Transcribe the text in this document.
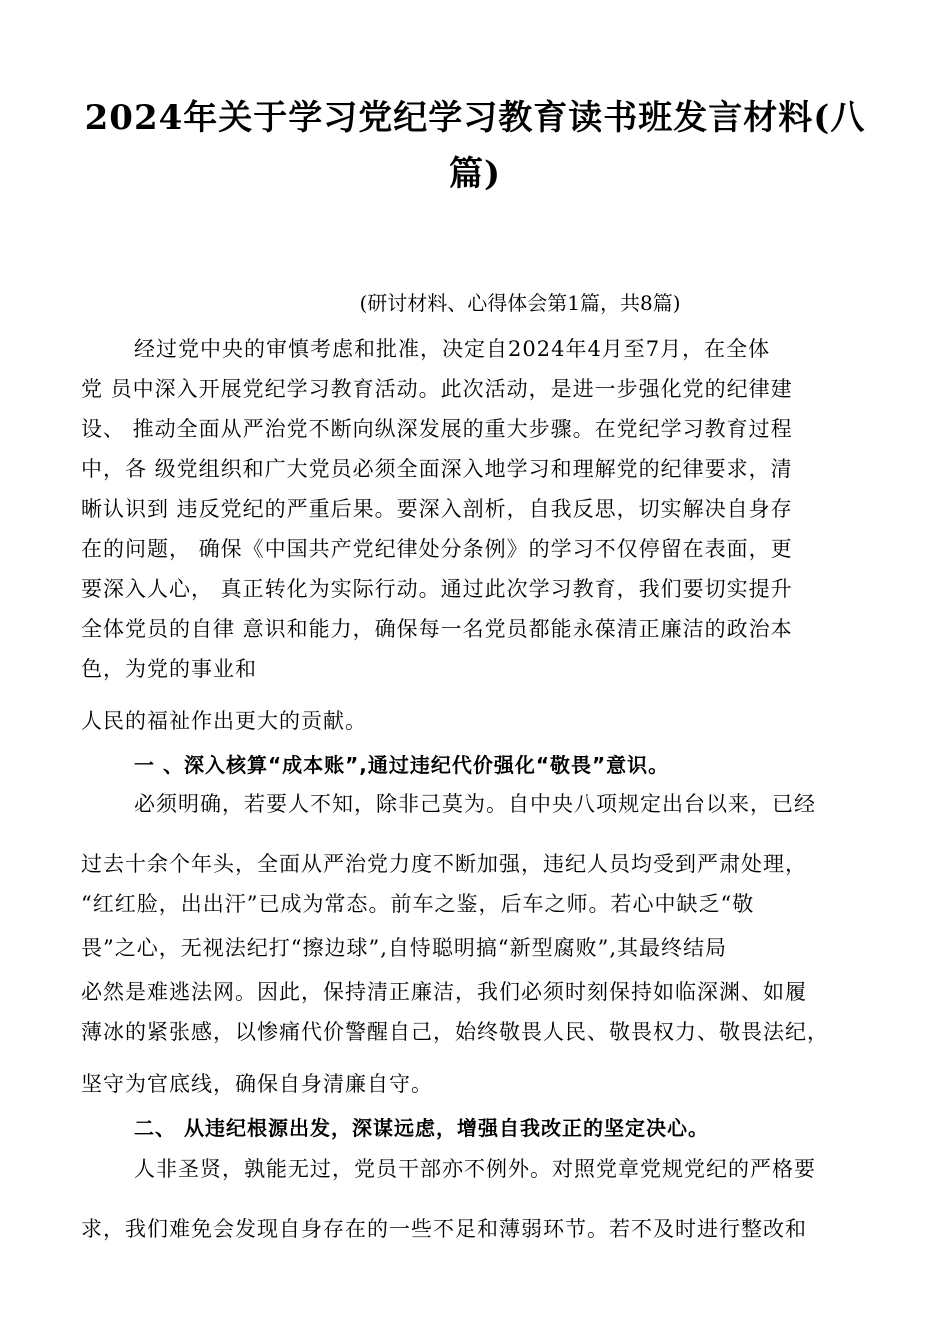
2024年关于学习党纪学习教育读书班发言材料(八
篇)
(研讨材料、心得体会第1篇，共8篇)
经过党中央的审慎考虑和批准，决定自2024年4月至7月，在全体
党 员中深入开展党纪学习教育活动。此次活动，是进一步强化党的纪律建
设、 推动全面从严治党不断向纵深发展的重大步骤。在党纪学习教育过程
中，各 级党组织和广大党员必须全面深入地学习和理解党的纪律要求，清
晰认识到 违反党纪的严重后果。要深入剖析，自我反思，切实解决自身存
在的问题， 确保《中国共产党纪律处分条例》的学习不仅停留在表面，更
要深入人心， 真正转化为实际行动。通过此次学习教育，我们要切实提升
全体党员的自律 意识和能力，确保每一名党员都能永葆清正廉洁的政治本
色，为党的事业和
人民的福祉作出更大的贡献。
一 、深入核算“成本账”,通过违纪代价强化“敬畏”意识。
必须明确，若要人不知，除非己莫为。自中央八项规定出台以来，已经
过去十余个年头，全面从严治党力度不断加强，违纪人员均受到严肃处理，
“红红脸，出出汗”已成为常态。前车之鉴，后车之师。若心中缺乏“敬
畏”之心，无视法纪打“擦边球”,自恃聪明搞“新型腐败”,其最终结局
必然是难逃法网。因此，保持清正廉洁，我们必须时刻保持如临深渊、如履
薄冰的紧张感，以惨痛代价警醒自己，始终敬畏人民、敬畏权力、敬畏法纪，
坚守为官底线，确保自身清廉自守。
二、 从违纪根源出发，深谋远虑，增强自我改正的坚定决心。
人非圣贤，孰能无过，党员干部亦不例外。对照党章党规党纪的严格要
求，我们难免会发现自身存在的一些不足和薄弱环节。若不及时进行整改和
